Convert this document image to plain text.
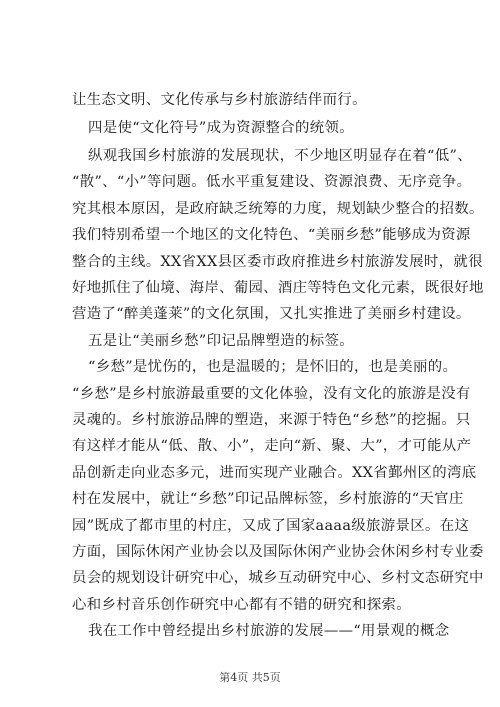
让生态文明、文化传承与乡村旅游结伴而行。
四是使“文化符号”成为资源整合的统领。
纵观我国乡村旅游的发展现状，不少地区明显存在着“低”、
“散”、“小”等问题。低水平重复建设、资源浪费、无序竞争。
究其根本原因，是政府缺乏统筹的力度，规划缺少整合的招数。
我们特别希望一个地区的文化特色、“美丽乡愁”能够成为资源
整合的主线。XX省XX县区委市政府推进乡村旅游发展时，就很
好地抓住了仙境、海岸、葡园、酒庄等特色文化元素，既很好地
营造了“醉美蓬莱”的文化氛围，又扎实推进了美丽乡村建设。
五是让“美丽乡愁”印记品牌塑造的标签。
“乡愁”是忧伤的，也是温暖的；是怀旧的，也是美丽的。
“乡愁”是乡村旅游最重要的文化体验，没有文化的旅游是没有
灵魂的。乡村旅游品牌的塑造，来源于特色“乡愁”的挖掘。只
有这样才能从“低、散、小”，走向“新、聚、大”，才可能从产
品创新走向业态多元，进而实现产业融合。XX省鄞州区的湾底
村在发展中，就让“乡愁”印记品牌标签，乡村旅游的“天官庄
园”既成了都市里的村庄，又成了国家aaaa级旅游景区。在这
方面，国际休闲产业协会以及国际休闲产业协会休闲乡村专业委
员会的规划设计研究中心，城乡互动研究中心、乡村文态研究中
心和乡村音乐创作研究中心都有不错的研究和探索。
我在工作中曾经提出乡村旅游的发展——“用景观的概念
第4页 共5页
